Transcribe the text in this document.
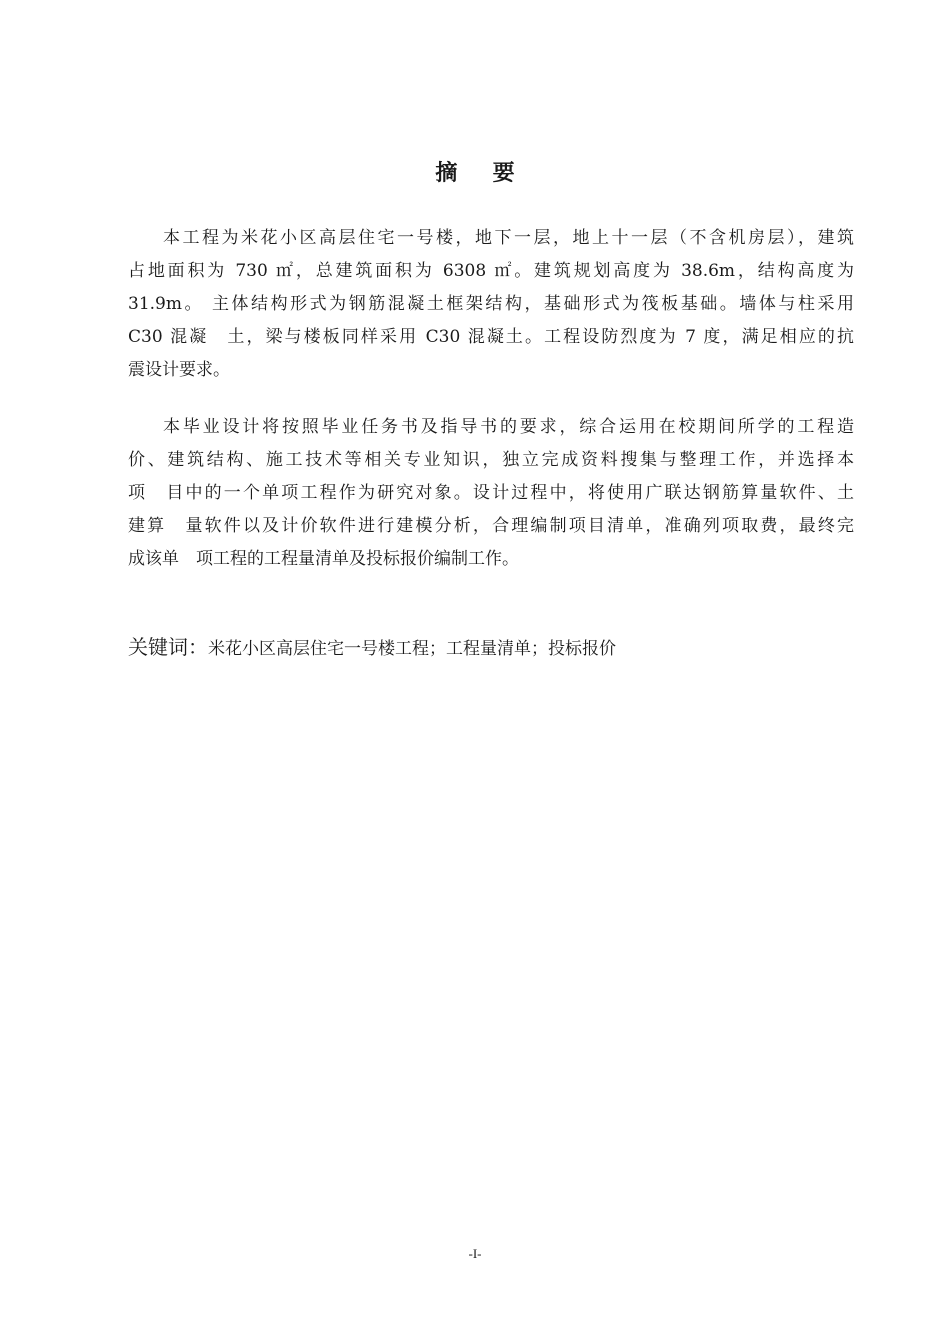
摘要
本工程为米花小区高层住宅一号楼，地下一层，地上十一层（不含机房层），建筑
占地面积为 730 ㎡，总建筑面积为 6308 ㎡。建筑规划高度为 38.6m，结构高度为
31.9m。 主体结构形式为钢筋混凝土框架结构，基础形式为筏板基础。墙体与柱采用
C30 混凝　土，梁与楼板同样采用 C30 混凝土。工程设防烈度为 7 度，满足相应的抗
震设计要求。
本毕业设计将按照毕业任务书及指导书的要求，综合运用在校期间所学的工程造
价、建筑结构、施工技术等相关专业知识，独立完成资料搜集与整理工作，并选择本
项　目中的一个单项工程作为研究对象。设计过程中，将使用广联达钢筋算量软件、土
建算　量软件以及计价软件进行建模分析，合理编制项目清单，准确列项取费，最终完
成该单　项工程的工程量清单及投标报价编制工作。
关键词：米花小区高层住宅一号楼工程；工程量清单；投标报价
-I-
